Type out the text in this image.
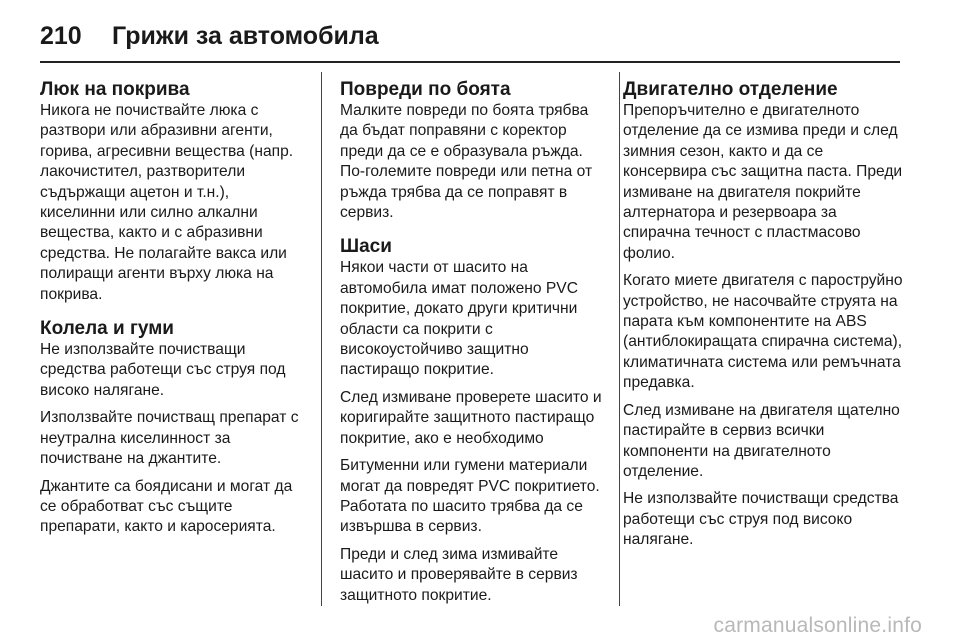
210	Грижи за автомобила
Люк на покрива

Никога не почиствайте люка с разтвори или абразивни агенти, горива, агресивни вещества (напр. лакочистител, разтворители съдържащи ацетон и т.н.), киселинни или силно алкални вещества, както и с абразивни средства. Не полагайте вакса или полиращи агенти върху люка на покрива.

Колела и гуми

Не използвайте почистващи средства работещи със струя под високо налягане.

Използвайте почистващ препарат с неутрална киселинност за почистване на джантите.

Джантите са боядисани и могат да се обработват със същите препарати, както и каросерията.

Повреди по боята

Малките повреди по боята трябва да бъдат поправяни с коректор преди да се е образувала ръжда. По-големите повреди или петна от ръжда трябва да се поправят в сервиз.

Шаси

Някои части от шасито на автомобила имат положено PVC покритие, докато други критични области са покрити с високоустойчиво защитно пастиращо покритие.

След измиване проверете шасито и коригирайте защитното пастиращо покритие, ако е необходимо

Битуменни или гумени материали могат да повредят PVC покритието. Работата по шасито трябва да се извършва в сервиз.

Преди и след зима измивайте шасито и проверявайте в сервиз защитното покритие.

Двигателно отделение

Препоръчително е двигателното отделение да се измива преди и след зимния сезон, както и да се консервира със защитна паста. Преди измиване на двигателя покрийте алтернатора и резервоара за спирачна течност с пластмасово фолио.

Когато миете двигателя с пароструйно устройство, не насочвайте струята на парата към компонентите на ABS (антиблокиращата спирачна система), климатичната система или ремъчната предавка.

След измиване на двигателя щателно пастирайте в сервиз всички компоненти на двигателното отделение.

Не използвайте почистващи средства работещи със струя под високо налягане.

carmanualsonline.info
